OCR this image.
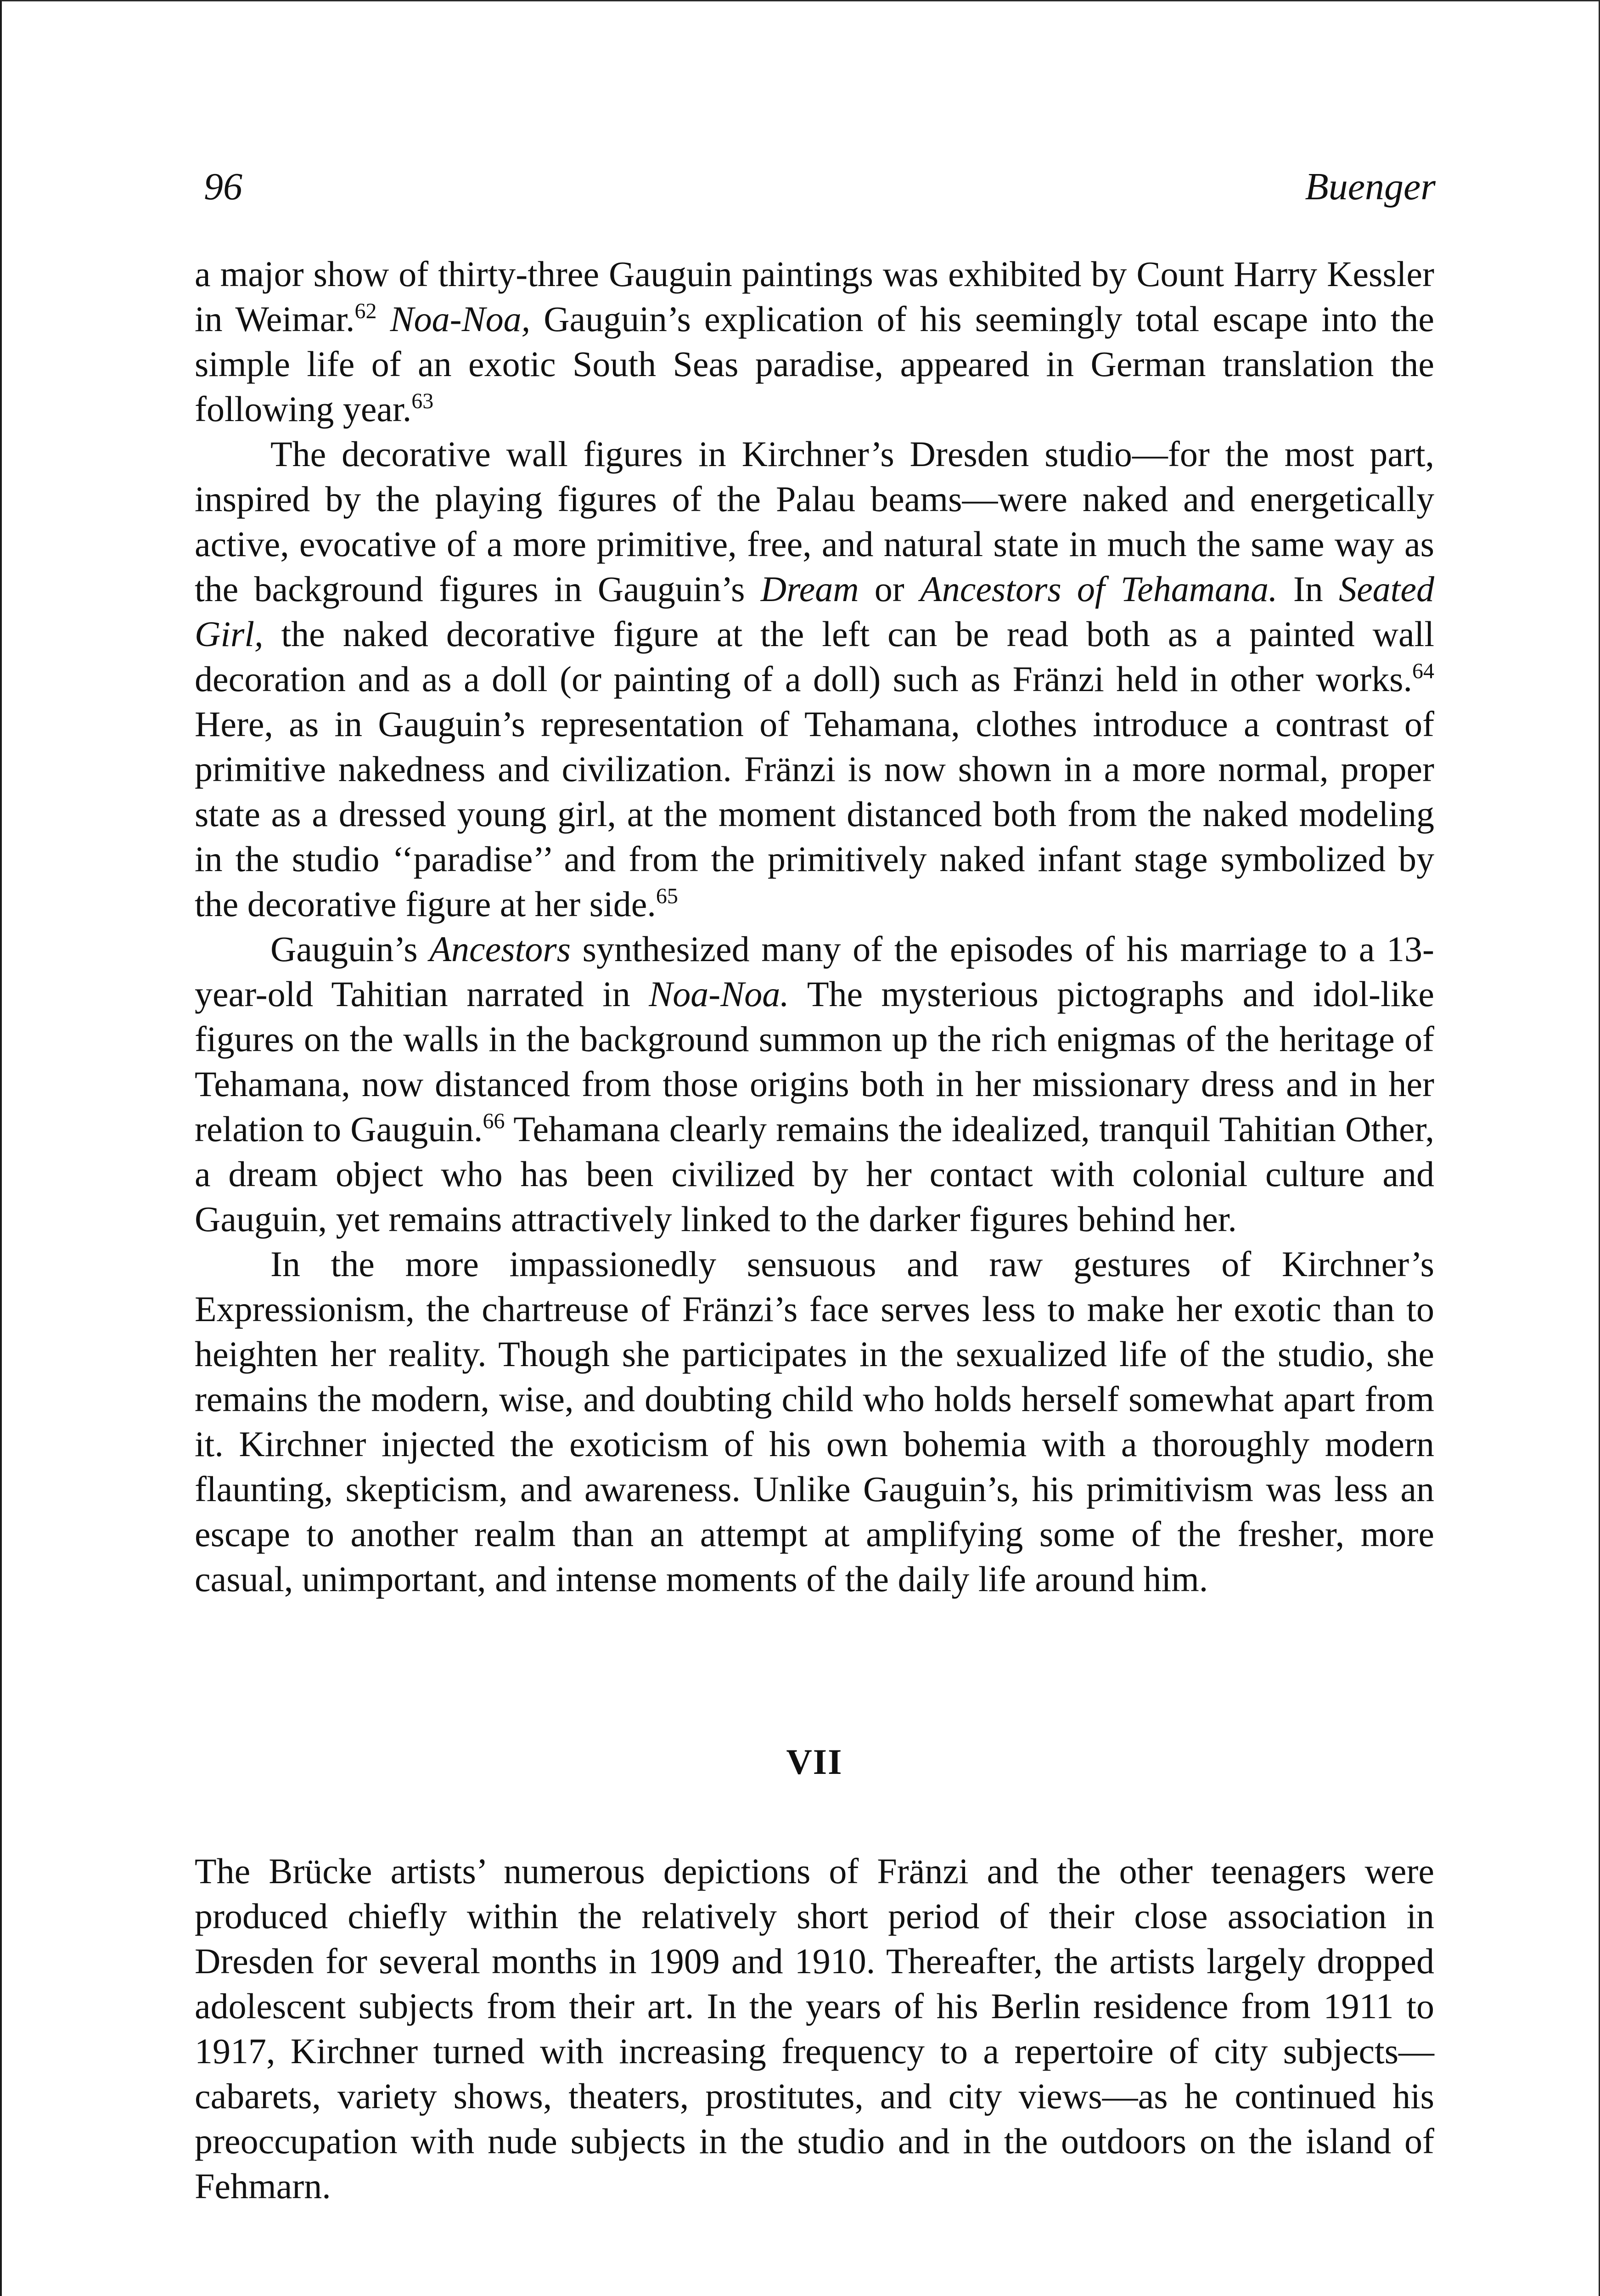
96	Buenger

a major show of thirty-three Gauguin paintings was exhibited by Count Harry Kessler in Weimar.$^{62}$ Noa-Noa, Gauguin’s explication of his seemingly total escape into the simple life of an exotic South Seas paradise, appeared in German translation the following year.$^{63}$

The decorative wall figures in Kirchner’s Dresden studio—for the most part, inspired by the playing figures of the Palau beams—were naked and energetically active, evocative of a more primitive, free, and natural state in much the same way as the background figures in Gauguin’s Dream or Ancestors of Tehamana. In Seated Girl, the naked decorative figure at the left can be read both as a painted wall decoration and as a doll (or painting of a doll) such as Fränzi held in other works.$^{64}$ Here, as in Gauguin’s representation of Tehamana, clothes introduce a contrast of primitive nakedness and civilization. Fränzi is now shown in a more normal, proper state as a dressed young girl, at the moment distanced both from the naked modeling in the studio ‘‘paradise’’ and from the primitively naked infant stage symbolized by the decorative figure at her side.$^{65}$

Gauguin’s Ancestors synthesized many of the episodes of his marriage to a 13-year-old Tahitian narrated in Noa-Noa. The mysterious pictographs and idol-like figures on the walls in the background summon up the rich enigmas of the heritage of Tehamana, now distanced from those origins both in her missionary dress and in her relation to Gauguin.$^{66}$ Tehamana clearly remains the idealized, tranquil Tahitian Other, a dream object who has been civilized by her contact with colonial culture and Gauguin, yet remains attractively linked to the darker figures behind her.

In the more impassionedly sensuous and raw gestures of Kirchner’s Expressionism, the chartreuse of Fränzi’s face serves less to make her exotic than to heighten her reality. Though she participates in the sexualized life of the studio, she remains the modern, wise, and doubting child who holds herself somewhat apart from it. Kirchner injected the exoticism of his own bohemia with a thoroughly modern flaunting, skepticism, and awareness. Unlike Gauguin’s, his primitivism was less an escape to another realm than an attempt at amplifying some of the fresher, more casual, unimportant, and intense moments of the daily life around him.

VII

The Brücke artists’ numerous depictions of Fränzi and the other teenagers were produced chiefly within the relatively short period of their close association in Dresden for several months in 1909 and 1910. Thereafter, the artists largely dropped adolescent subjects from their art. In the years of his Berlin residence from 1911 to 1917, Kirchner turned with increasing frequency to a repertoire of city subjects—cabarets, variety shows, theaters, prostitutes, and city views—as he continued his preoccupation with nude subjects in the studio and in the outdoors on the island of Fehmarn.
